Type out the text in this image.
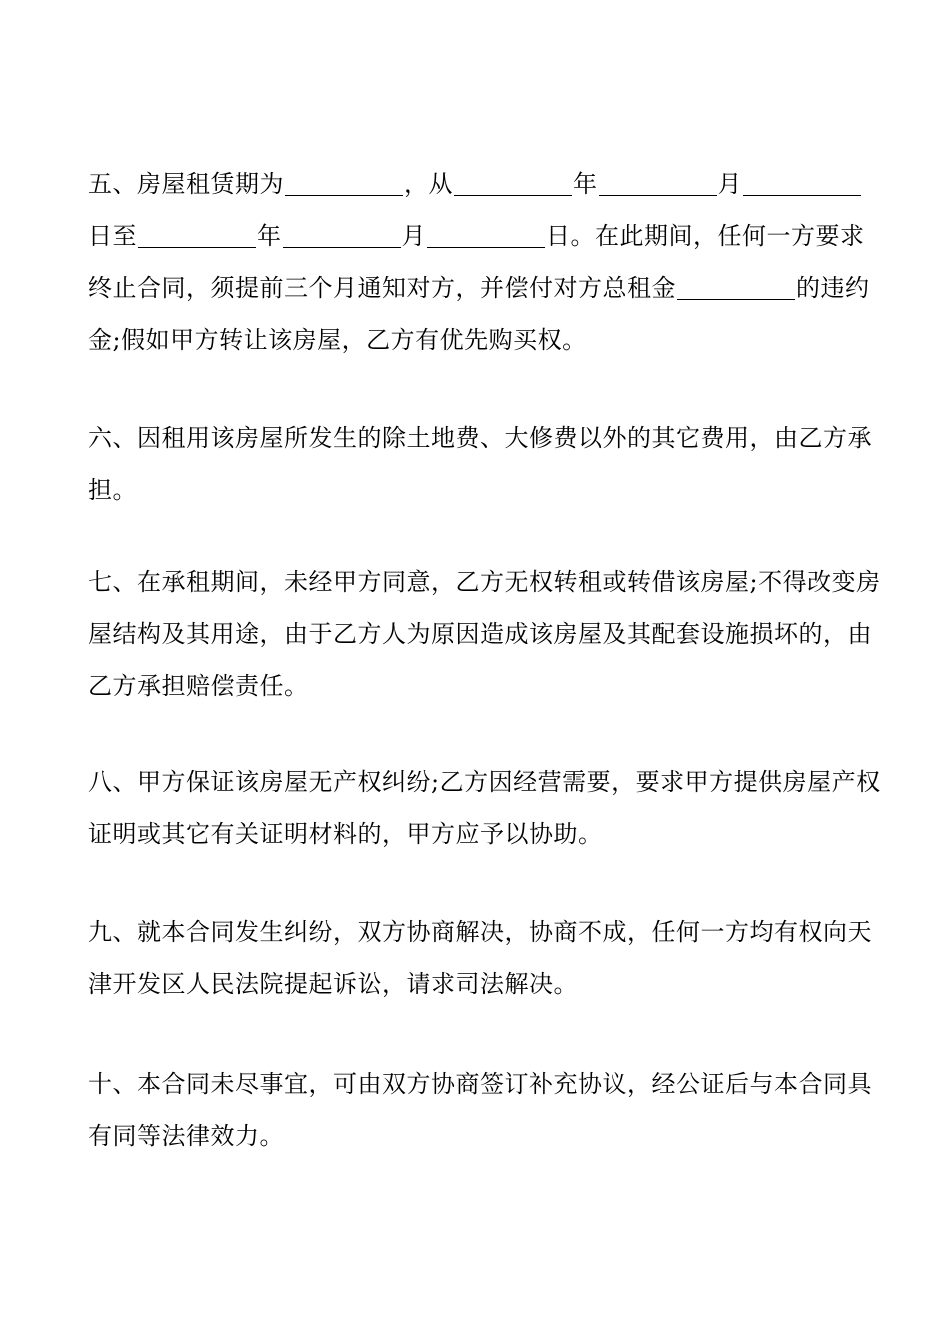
五、房屋租赁期为	，从	年	月
日至	年	月	日。在此期间，任何一方要求
终止合同，须提前三个月通知对方，并偿付对方总租金	的违约
金;假如甲方转让该房屋，乙方有优先购买权。
六、因租用该房屋所发生的除土地费、大修费以外的其它费用，由乙方承
担。
七、在承租期间，未经甲方同意，乙方无权转租或转借该房屋;不得改变房
屋结构及其用途，由于乙方人为原因造成该房屋及其配套设施损坏的，由
乙方承担赔偿责任。
八、甲方保证该房屋无产权纠纷;乙方因经营需要，要求甲方提供房屋产权
证明或其它有关证明材料的，甲方应予以协助。
九、就本合同发生纠纷，双方协商解决，协商不成，任何一方均有权向天
津开发区人民法院提起诉讼，请求司法解决。
十、本合同未尽事宜，可由双方协商签订补充协议，经公证后与本合同具
有同等法律效力。
